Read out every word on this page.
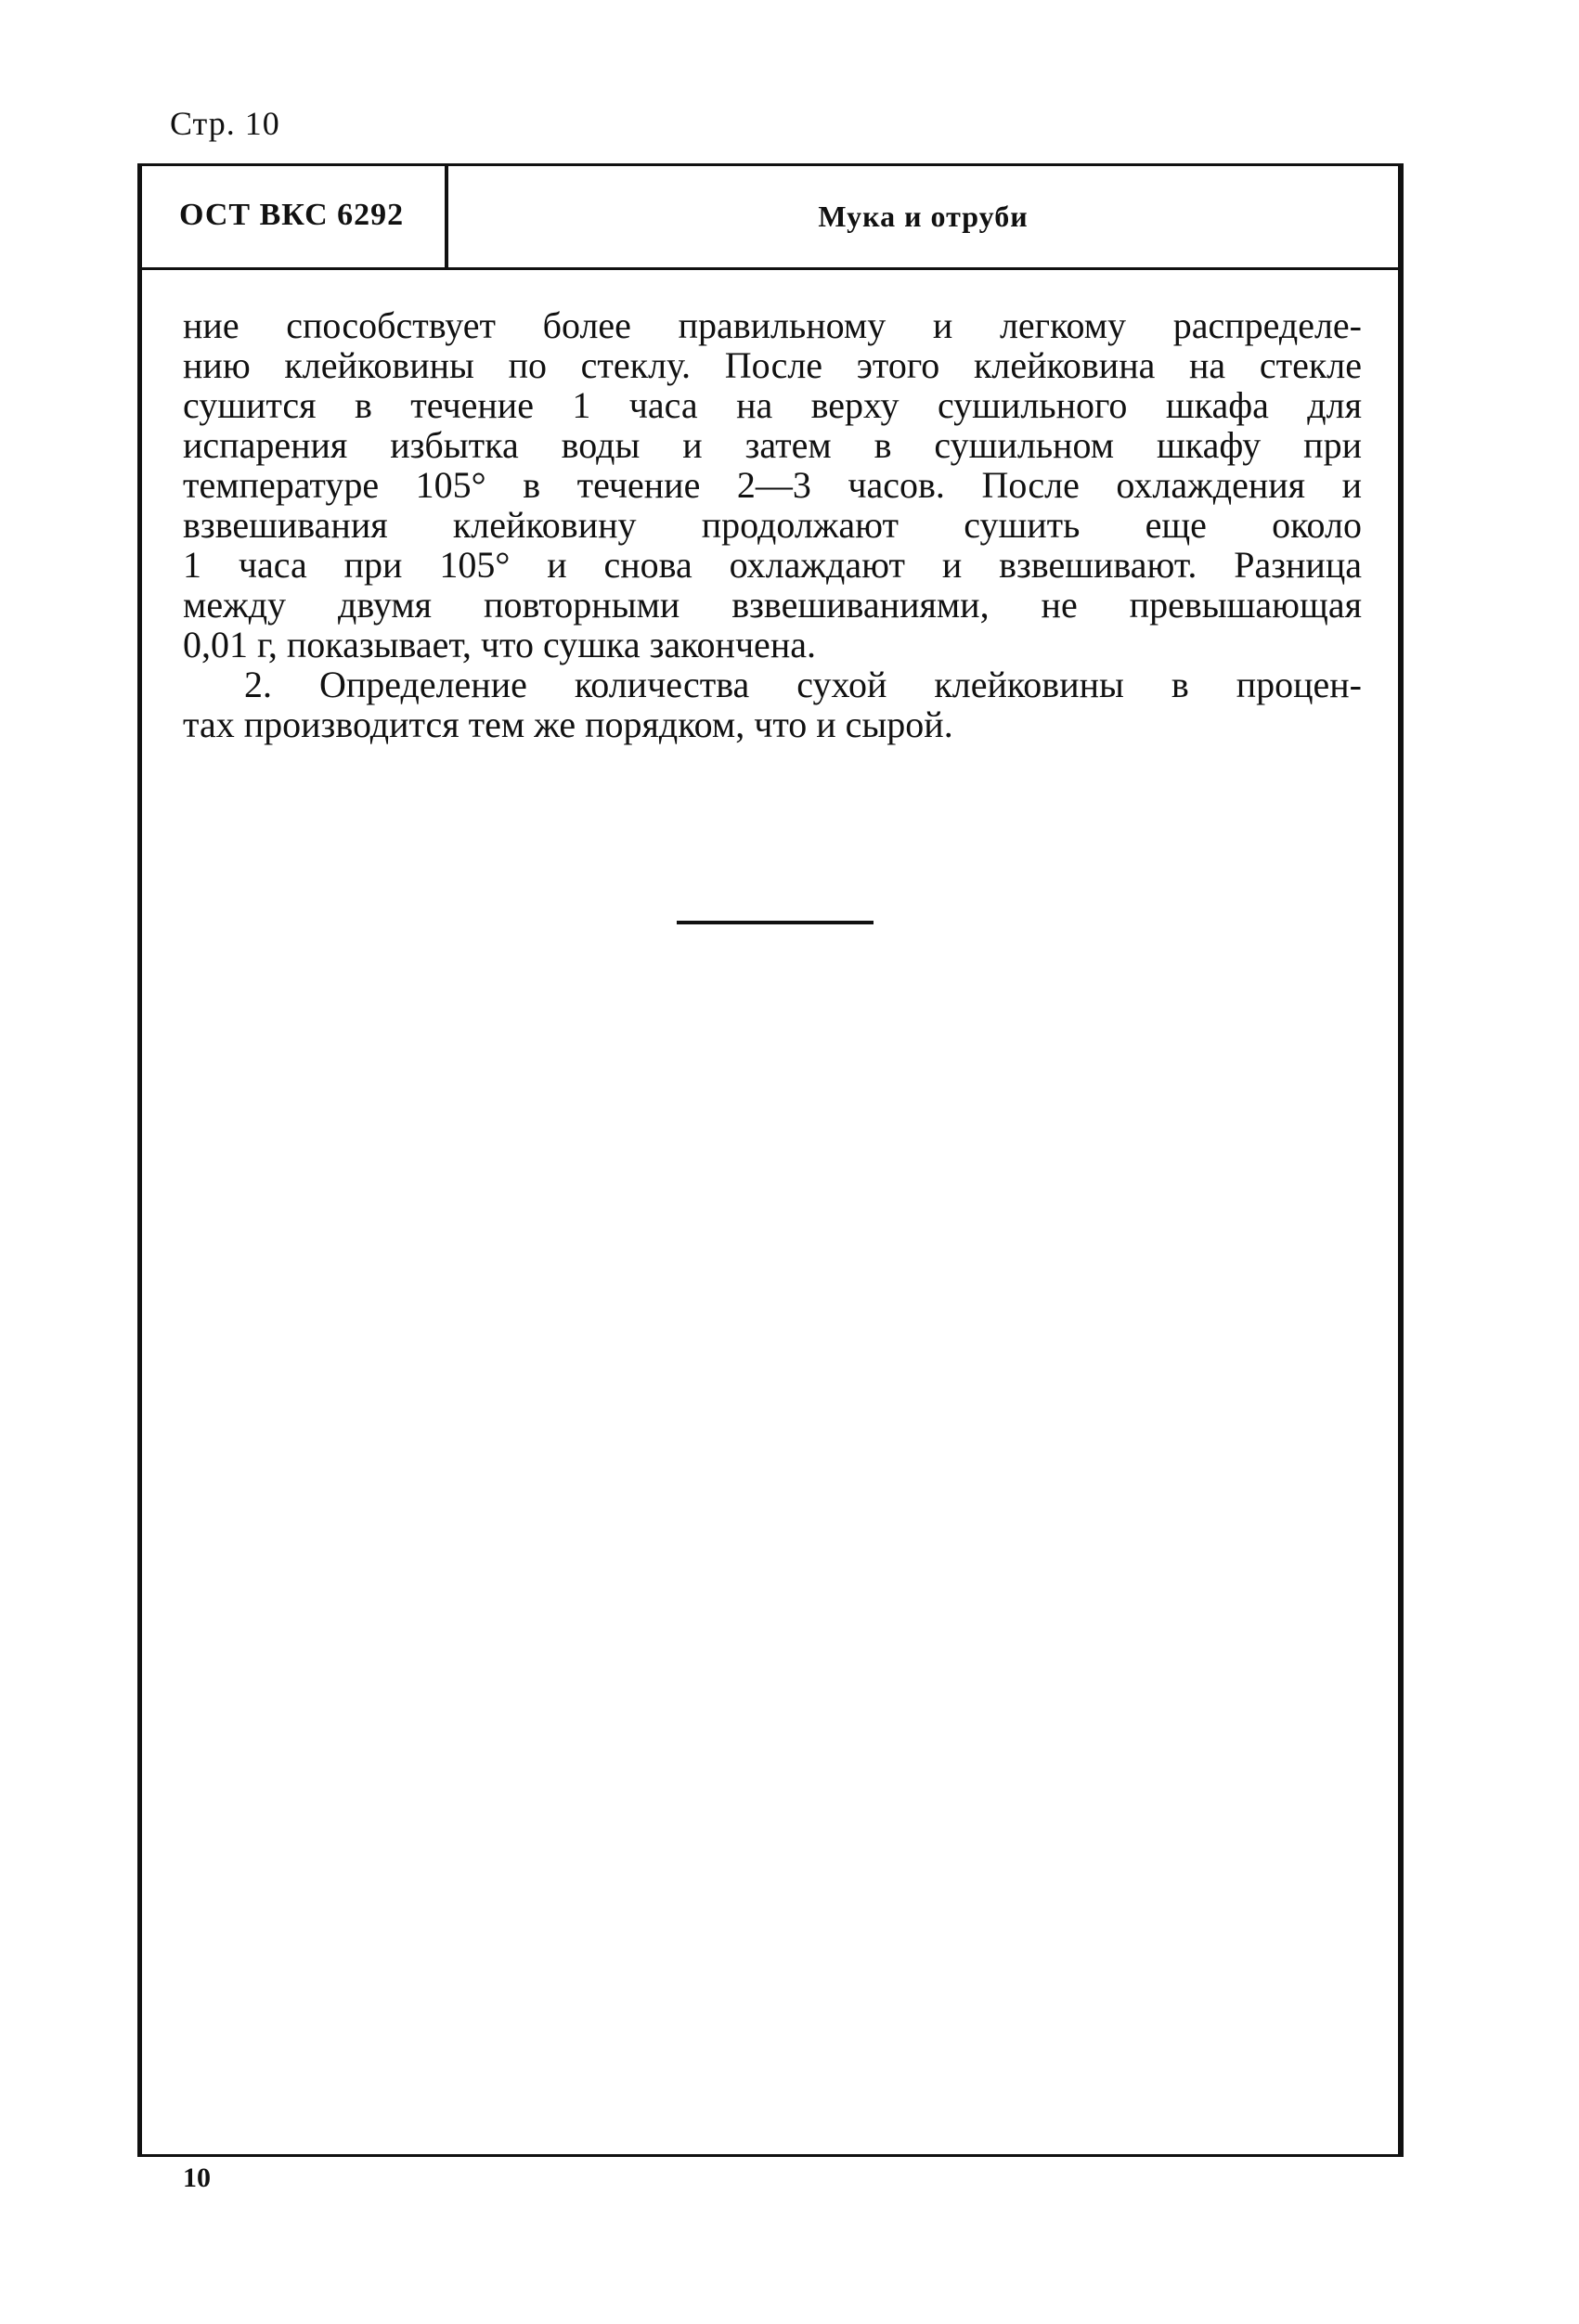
Стр. 10
ОСТ ВКС 6292	Мука и отруби
ние способствует более правильному и легкому распределе-
нию клейковины по стеклу. После этого клейковина на стекле
сушится в течение 1 часа на верху сушильного шкафа для
испарения избытка воды и затем в сушильном шкафу при
температуре 105° в течение 2—3 часов. После охлаждения и
взвешивания клейковину продолжают сушить еще около
1 часа при 105° и снова охлаждают и взвешивают. Разница
между двумя повторными взвешиваниями, не превышающая
0,01 г, показывает, что сушка закончена.
2. Определение количества сухой клейковины в процен-
тах производится тем же порядком, что и сырой.
10
